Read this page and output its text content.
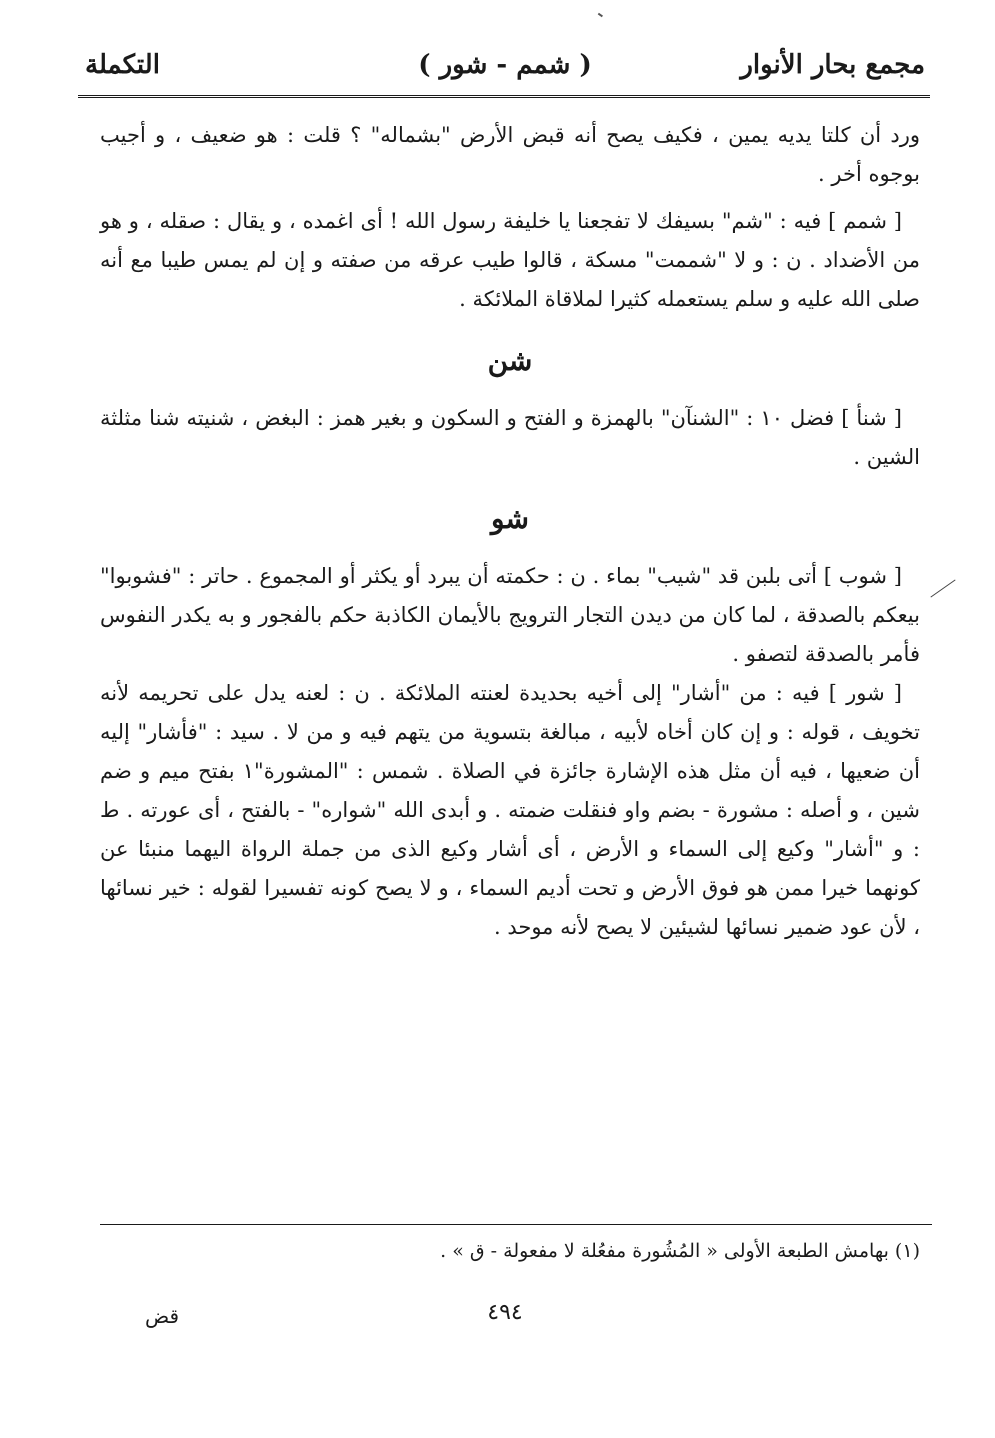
مجمع بحار الأنوار
( شمم - شور )
التكملة

ورد أن كلتا يديه يمين ، فكيف يصح أنه قبض الأرض "بشماله" ؟ قلت : هو ضعيف ، و أجيب بوجوه أخر .

[ شمم ] فيه : "شم" بسيفك لا تفجعنا يا خليفة رسول الله ! أى اغمده ، و يقال : صقله ، و هو من الأضداد . ن : و لا "شممت" مسكة ، قالوا طيب عرقه من صفته و إن لم يمس طيبا مع أنه صلى الله عليه و سلم يستعمله كثيرا لملاقاة الملائكة .

شن

[ شنأ ] فضل ١٠ : "الشنآن" بالهمزة و الفتح و السكون و بغير همز : البغض ، شنيته شنا مثلثة الشين .

شو

[ شوب ] أتى بلبن قد "شيب" بماء . ن : حكمته أن يبرد أو يكثر أو المجموع . حاتر : "فشوبوا" بيعكم بالصدقة ، لما كان من ديدن التجار الترويج بالأيمان الكاذبة حكم بالفجور و به يكدر النفوس فأمر بالصدقة لتصفو .

[ شور ] فيه : من "أشار" إلى أخيه بحديدة لعنته الملائكة . ن : لعنه يدل على تحريمه لأنه تخويف ، قوله : و إن كان أخاه لأبيه ، مبالغة بتسوية من يتهم فيه و من لا . سيد : "فأشار" إليه أن ضعيها ، فيه أن مثل هذه الإشارة جائزة في الصلاة . شمس : "المشورة"١ بفتح ميم و ضم شين ، و أصله : مشورة - بضم واو فنقلت ضمته . و أبدى الله "شواره" - بالفتح ، أى عورته . ط : و "أشار" وكيع إلى السماء و الأرض ، أى أشار وكيع الذى من جملة الرواة اليهما منبئا عن كونهما خيرا ممن هو فوق الأرض و تحت أديم السماء ، و لا يصح كونه تفسيرا لقوله : خير نسائها ، لأن عود ضمير نسائها لشيئين لا يصح لأنه موحد .

(١) بهامش الطبعة الأولى « المُشُورة مفعُلة لا مفعولة - ق » .
٤٩٤
قض
